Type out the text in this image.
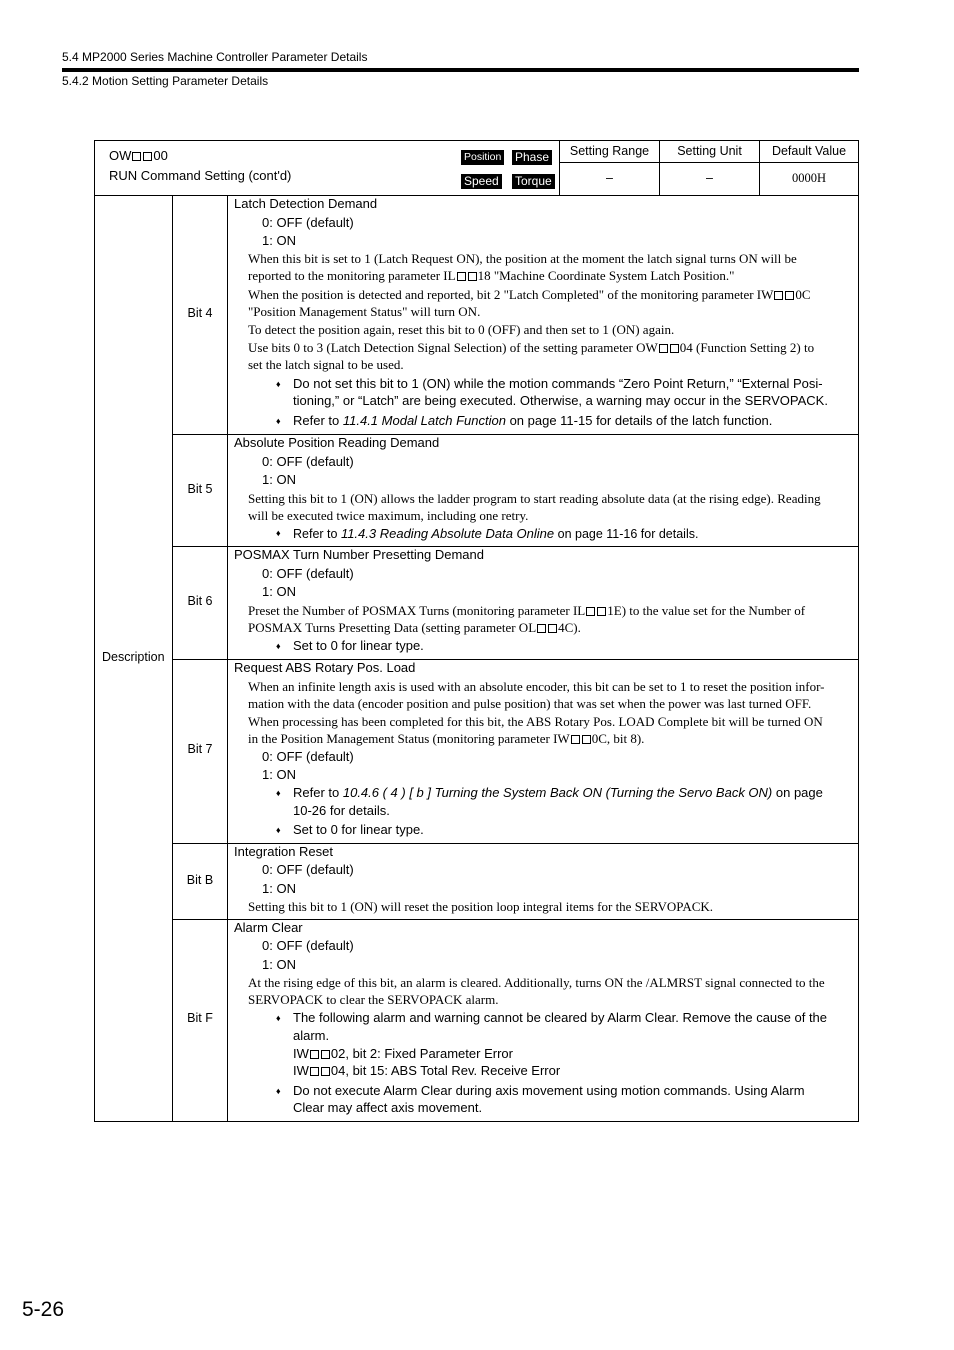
5.4 MP2000 Series Machine Controller Parameter Details
5.4.2 Motion Setting Parameter Details
OW 00
RUN Command Setting (cont'd)
Position Phase
Speed Torque
Setting Range
–
Setting Unit
–
Default Value
0000H
Description
Bit 4
Latch Detection Demand
0: OFF (default)
1: ON
When this bit is set to 1 (Latch Request ON), the position at the moment the latch signal turns ON will be
reported to the monitoring parameter IL 18 "Machine Coordinate System Latch Position."
When the position is detected and reported, bit 2 "Latch Completed" of the monitoring parameter IW 0C
"Position Management Status" will turn ON.
To detect the position again, reset this bit to 0 (OFF) and then set to 1 (ON) again.
Use bits 0 to 3 (Latch Detection Signal Selection) of the setting parameter OW 04 (Function Setting 2) to
set the latch signal to be used.
♦ Do not set this bit to 1 (ON) while the motion commands “Zero Point Return,” “External Posi-
tioning,” or “Latch” are being executed. Otherwise, a warning may occur in the SERVOPACK.
♦ Refer to 11.4.1 Modal Latch Function on page 11-15 for details of the latch function.
Bit 5
Absolute Position Reading Demand
0: OFF (default)
1: ON
Setting this bit to 1 (ON) allows the ladder program to start reading absolute data (at the rising edge). Reading
will be executed twice maximum, including one retry.
♦ Refer to 11.4.3 Reading Absolute Data Online on page 11-16 for details.
Bit 6
POSMAX Turn Number Presetting Demand
0: OFF (default)
1: ON
Preset the Number of POSMAX Turns (monitoring parameter IL 1E) to the value set for the Number of
POSMAX Turns Presetting Data (setting parameter OL 4C).
♦ Set to 0 for linear type.
Bit 7
Request ABS Rotary Pos. Load
When an infinite length axis is used with an absolute encoder, this bit can be set to 1 to reset the position infor-
mation with the data (encoder position and pulse position) that was set when the power was last turned OFF.
When processing has been completed for this bit, the ABS Rotary Pos. LOAD Complete bit will be turned ON
in the Position Management Status (monitoring parameter IW 0C, bit 8).
0: OFF (default)
1: ON
♦ Refer to 10.4.6 ( 4 ) [ b ] Turning the System Back ON (Turning the Servo Back ON) on page
10-26 for details.
♦ Set to 0 for linear type.
Bit B
Integration Reset
0: OFF (default)
1: ON
Setting this bit to 1 (ON) will reset the position loop integral items for the SERVOPACK.
Bit F
Alarm Clear
0: OFF (default)
1: ON
At the rising edge of this bit, an alarm is cleared. Additionally, turns ON the /ALMRST signal connected to the
SERVOPACK to clear the SERVOPACK alarm.
♦ The following alarm and warning cannot be cleared by Alarm Clear. Remove the cause of the
alarm.
IW 02, bit 2: Fixed Parameter Error
IW 04, bit 15: ABS Total Rev. Receive Error
♦ Do not execute Alarm Clear during axis movement using motion commands. Using Alarm
Clear may affect axis movement.
5-26
